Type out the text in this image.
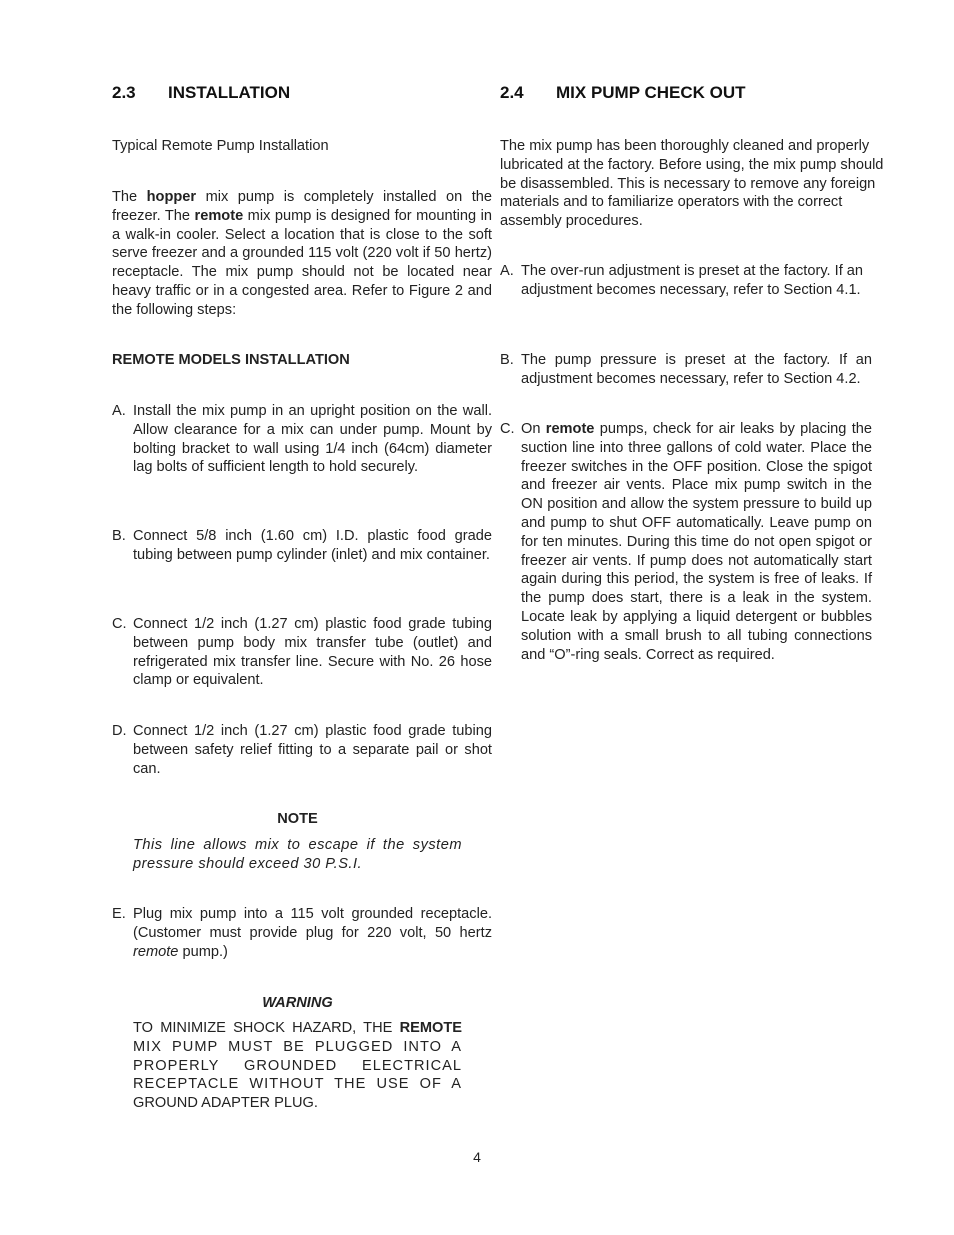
2.3 INSTALLATION
Typical Remote Pump Installation
The hopper mix pump is completely installed on the freezer. The remote mix pump is designed for mounting in a walk-in cooler. Select a location that is close to the soft serve freezer and a grounded 115 volt (220 volt if 50 hertz) receptacle. The mix pump should not be located near heavy traffic or in a congested area. Refer to Figure 2 and the following steps:
REMOTE MODELS INSTALLATION
A. Install the mix pump in an upright position on the wall. Allow clearance for a mix can under pump. Mount by bolting bracket to wall using 1/4 inch (64cm) diameter lag bolts of sufficient length to hold securely.
B. Connect 5/8 inch (1.60 cm) I.D. plastic food grade tubing between pump cylinder (inlet) and mix container.
C. Connect 1/2 inch (1.27 cm) plastic food grade tubing between pump body mix transfer tube (outlet) and refrigerated mix transfer line. Secure with No. 26 hose clamp or equivalent.
D. Connect 1/2 inch (1.27 cm) plastic food grade tubing between safety relief fitting to a separate pail or shot can.
NOTE
This line allows mix to escape if the system pressure should exceed 30 P.S.I.
E. Plug mix pump into a 115 volt grounded receptacle. (Customer must provide plug for 220 volt, 50 hertz remote pump.)
WARNING
TO MINIMIZE SHOCK HAZARD, THE REMOTE
MIX PUMP MUST BE PLUGGED INTO A
PROPERLY GROUNDED ELECTRICAL
RECEPTACLE WITHOUT THE USE OF A
GROUND ADAPTER PLUG.
2.4 MIX PUMP CHECK OUT
The mix pump has been thoroughly cleaned and properly lubricated at the factory. Before using, the mix pump should be disassembled. This is necessary to remove any foreign materials and to familiarize operators with the correct assembly procedures.
A. The over-run adjustment is preset at the factory. If an adjustment becomes necessary, refer to Section 4.1.
B. The pump pressure is preset at the factory. If an adjustment becomes necessary, refer to Section 4.2.
C. On remote pumps, check for air leaks by placing the suction line into three gallons of cold water. Place the freezer switches in the OFF position. Close the spigot and freezer air vents. Place mix pump switch in the ON position and allow the system pressure to build up and pump to shut OFF automatically. Leave pump on for ten minutes. During this time do not open spigot or freezer air vents. If pump does not automatically start again during this period, the system is free of leaks. If the pump does start, there is a leak in the system. Locate leak by applying a liquid detergent or bubbles solution with a small brush to all tubing connections and “O”-ring seals. Correct as required.
4
